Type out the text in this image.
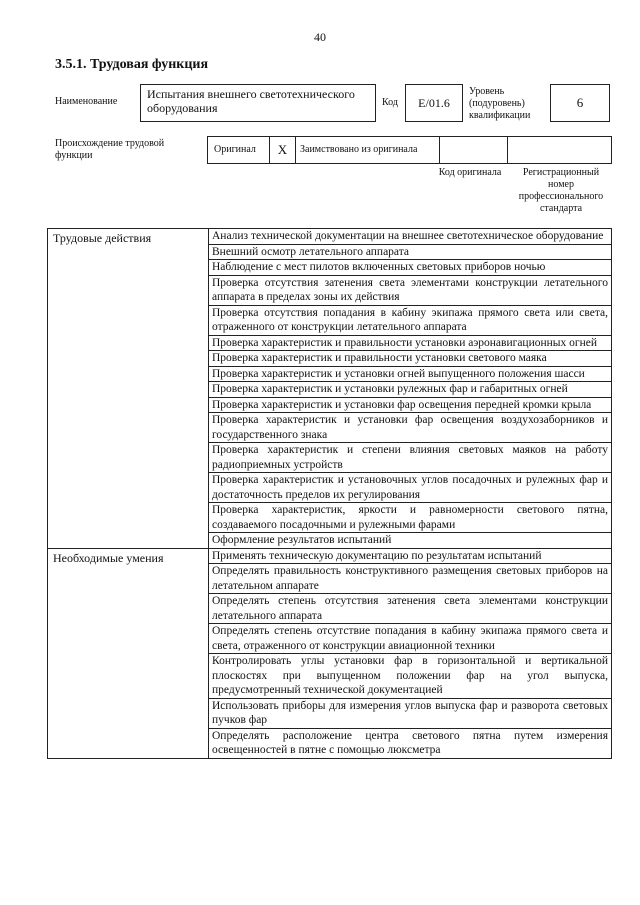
40
3.5.1. Трудовая функция
Наименование
Испытания внешнего светотехнического оборудования	Код	E/01.6
Уровень (подуровень) квалификации
6
Происхождение трудовой функции
Оригинал	X	Заимствовано из оригинала
Код оригинала	Регистрационный номер профессионального стандарта
Трудовые действия	Анализ технической документации на внешнее светотехническое оборудование
	Внешний осмотр летательного аппарата
	Наблюдение с мест пилотов включенных световых приборов ночью
	Проверка отсутствия затенения света элементами конструкции летательного аппарата в пределах зоны их действия
	Проверка отсутствия попадания в кабину экипажа прямого света или света, отраженного от конструкции летательного аппарата
	Проверка характеристик и правильности установки аэронавигационных огней
	Проверка характеристик и правильности установки светового маяка
	Проверка характеристик и установки огней выпущенного положения шасси
	Проверка характеристик и установки рулежных фар и габаритных огней
	Проверка характеристик и установки фар освещения передней кромки крыла
	Проверка характеристик и установки фар освещения воздухозаборников и государственного знака
	Проверка характеристик и степени влияния световых маяков на работу радиоприемных устройств
	Проверка характеристик и установочных углов посадочных и рулежных фар и достаточность пределов их регулирования
	Проверка характеристик, яркости и равномерности светового пятна, создаваемого посадочными и рулежными фарами
	Оформление результатов испытаний
Необходимые умения	Применять техническую документацию по результатам испытаний
	Определять правильность конструктивного размещения световых приборов на летательном аппарате
	Определять степень отсутствия затенения света элементами конструкции летательного аппарата
	Определять степень отсутствие попадания в кабину экипажа прямого света и света, отраженного от конструкции авиационной техники
	Контролировать углы установки фар в горизонтальной и вертикальной плоскостях при выпущенном положении фар на угол выпуска, предусмотренный технической документацией
	Использовать приборы для измерения углов выпуска фар и разворота световых пучков фар
	Определять расположение центра светового пятна путем измерения освещенностей в пятне с помощью люксметра
